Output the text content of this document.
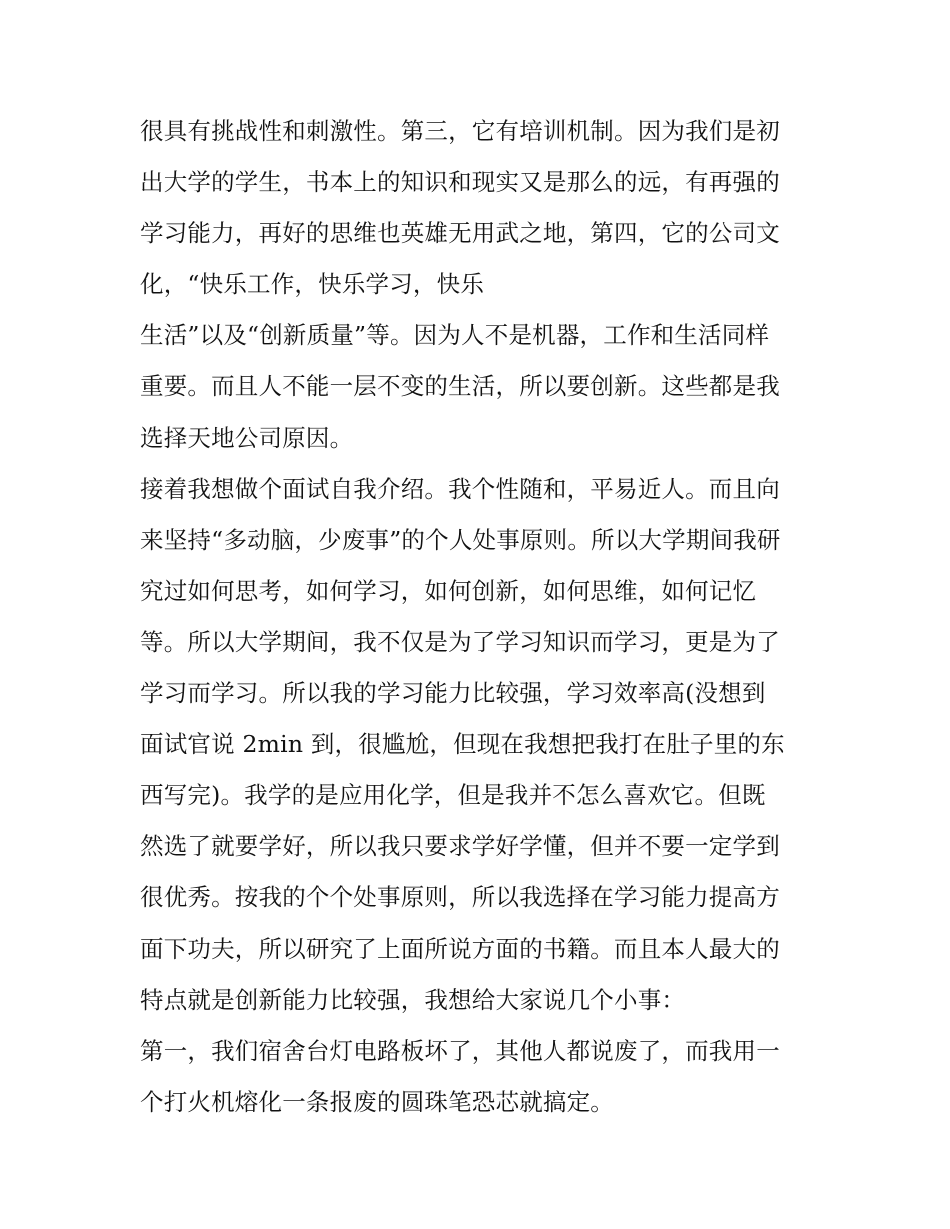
很具有挑战性和刺激性。第三，它有培训机制。因为我们是初
出大学的学生，书本上的知识和现实又是那么的远，有再强的
学习能力，再好的思维也英雄无用武之地，第四，它的公司文
化，“快乐工作，快乐学习，快乐
生活”以及“创新质量”等。因为人不是机器，工作和生活同样
重要。而且人不能一层不变的生活，所以要创新。这些都是我
选择天地公司原因。
接着我想做个面试自我介绍。我个性随和，平易近人。而且向
来坚持“多动脑，少废事”的个人处事原则。所以大学期间我研
究过如何思考，如何学习，如何创新，如何思维，如何记忆
等。所以大学期间，我不仅是为了学习知识而学习，更是为了
学习而学习。所以我的学习能力比较强，学习效率高(没想到
面试官说 2min 到，很尴尬，但现在我想把我打在肚子里的东
西写完)。我学的是应用化学，但是我并不怎么喜欢它。但既
然选了就要学好，所以我只要求学好学懂，但并不要一定学到
很优秀。按我的个个处事原则，所以我选择在学习能力提高方
面下功夫，所以研究了上面所说方面的书籍。而且本人最大的
特点就是创新能力比较强，我想给大家说几个小事：
第一，我们宿舍台灯电路板坏了，其他人都说废了，而我用一
个打火机熔化一条报废的圆珠笔恐芯就搞定。
